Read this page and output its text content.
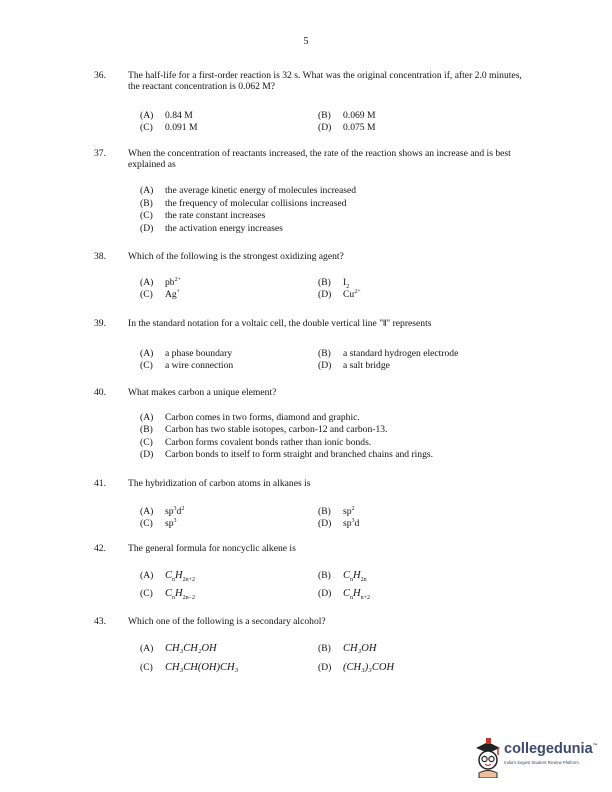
5
36. The half-life for a first-order reaction is 32 s. What was the original concentration if, after 2.0 minutes, the reactant concentration is 0.062 M?
(A) 0.84 M	(B) 0.069 M
(C) 0.091 M	(D) 0.075 M
37. When the concentration of reactants increased, the rate of the reaction shows an increase and is best explained as
(A) the average kinetic energy of molecules increased
(B) the frequency of molecular collisions increased
(C) the rate constant increases
(D) the activation energy increases
38. Which of the following is the strongest oxidizing agent?
(A) $pb^{2+}$	(B) $I_2$
(C) Ag+	(D) $Cu^{2+}$
39. In the standard notation for a voltaic cell, the double vertical line "‖" represents
(A) a phase boundary	(B) a standard hydrogen electrode
(C) a wire connection	(D) a salt bridge
40. What makes carbon a unique element?
(A) Carbon comes in two forms, diamond and graphic.
(B) Carbon has two stable isotopes, carbon-12 and carbon-13.
(C) Carbon forms covalent bonds rather than ionic bonds.
(D) Carbon bonds to itself to form straight and branched chains and rings.
41. The hybridization of carbon atoms in alkanes is
(A) $sp^3d^2$	(B) $sp^2$
(C) $sp^3$	(D) $sp^3d$
42. The general formula for noncyclic alkene is
(A) $C_nH_{2n+2}$	(B) $C_nH_{2n}$
(C) $C_nH_{2n-2}$	(D) $C_nH_{n+2}$
43. Which one of the following is a secondary alcohol?
(A) CH₃CH₂OH	(B) CH₃OH
(C) CH₃CH(OH)CH₃	(D) (CH₃)₃COH
collegedunia™
India's largest Student Review Platform
